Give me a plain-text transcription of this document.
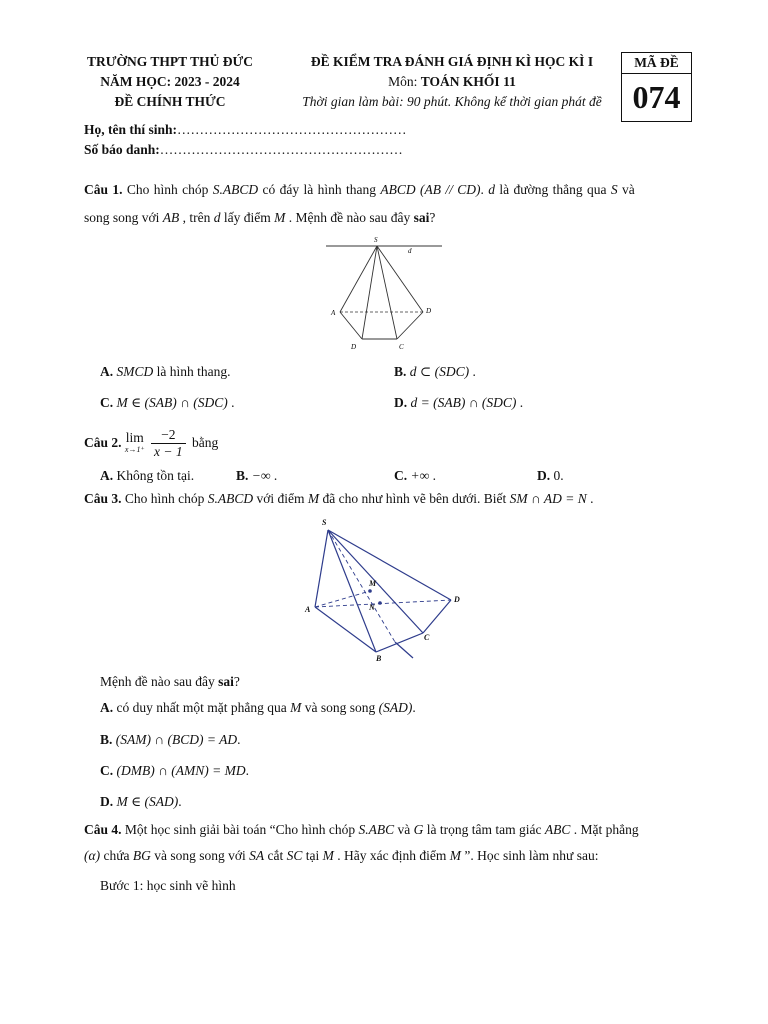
TRƯỜNG THPT THỦ ĐỨC
NĂM HỌC: 2023 - 2024
ĐỀ CHÍNH THỨC
ĐỀ KIỂM TRA ĐÁNH GIÁ ĐỊNH KÌ HỌC KÌ I
Môn: TOÁN KHỐI 11
Thời gian làm bài: 90 phút. Không kể thời gian phát đề
MÃ ĐỀ
074
Họ, tên thí sinh:……………………………………………
Số báo danh:………………………………………………
Câu 1. Cho hình chóp S.ABCD có đáy là hình thang ABCD (AB // CD). d là đường thẳng qua S và
song song với AB , trên d lấy điểm M . Mệnh đề nào sau đây sai?
S
d
A	D
D	C
A. SMCD là hình thang.	B. d ⊂ (SDC) .
C. M ∈ (SAB) ∩ (SDC) .	D. d = (SAB) ∩ (SDC) .
Câu 2. lim
x→1⁺
$\frac{-2}{x - 1}$ bằng
A. Không tồn tại.	B. −∞ .	C. +∞ .	D. 0.
Câu 3. Cho hình chóp S.ABCD với điểm M đã cho như hình vẽ bên dưới. Biết SM ∩ AD = N .
S
M
N
A
D
C
B
Mệnh đề nào sau đây sai?
A. có duy nhất một mặt phẳng qua M và song song (SAD).
B. (SAM) ∩ (BCD) = AD.
C. (DMB) ∩ (AMN) = MD.
D. M ∈ (SAD).
Câu 4. Một học sinh giải bài toán “Cho hình chóp S.ABC và G là trọng tâm tam giác ABC . Mặt phẳng
(α) chứa BG và song song với SA cắt SC tại M . Hãy xác định điểm M ”. Học sinh làm như sau:
Bước 1: học sinh vẽ hình
